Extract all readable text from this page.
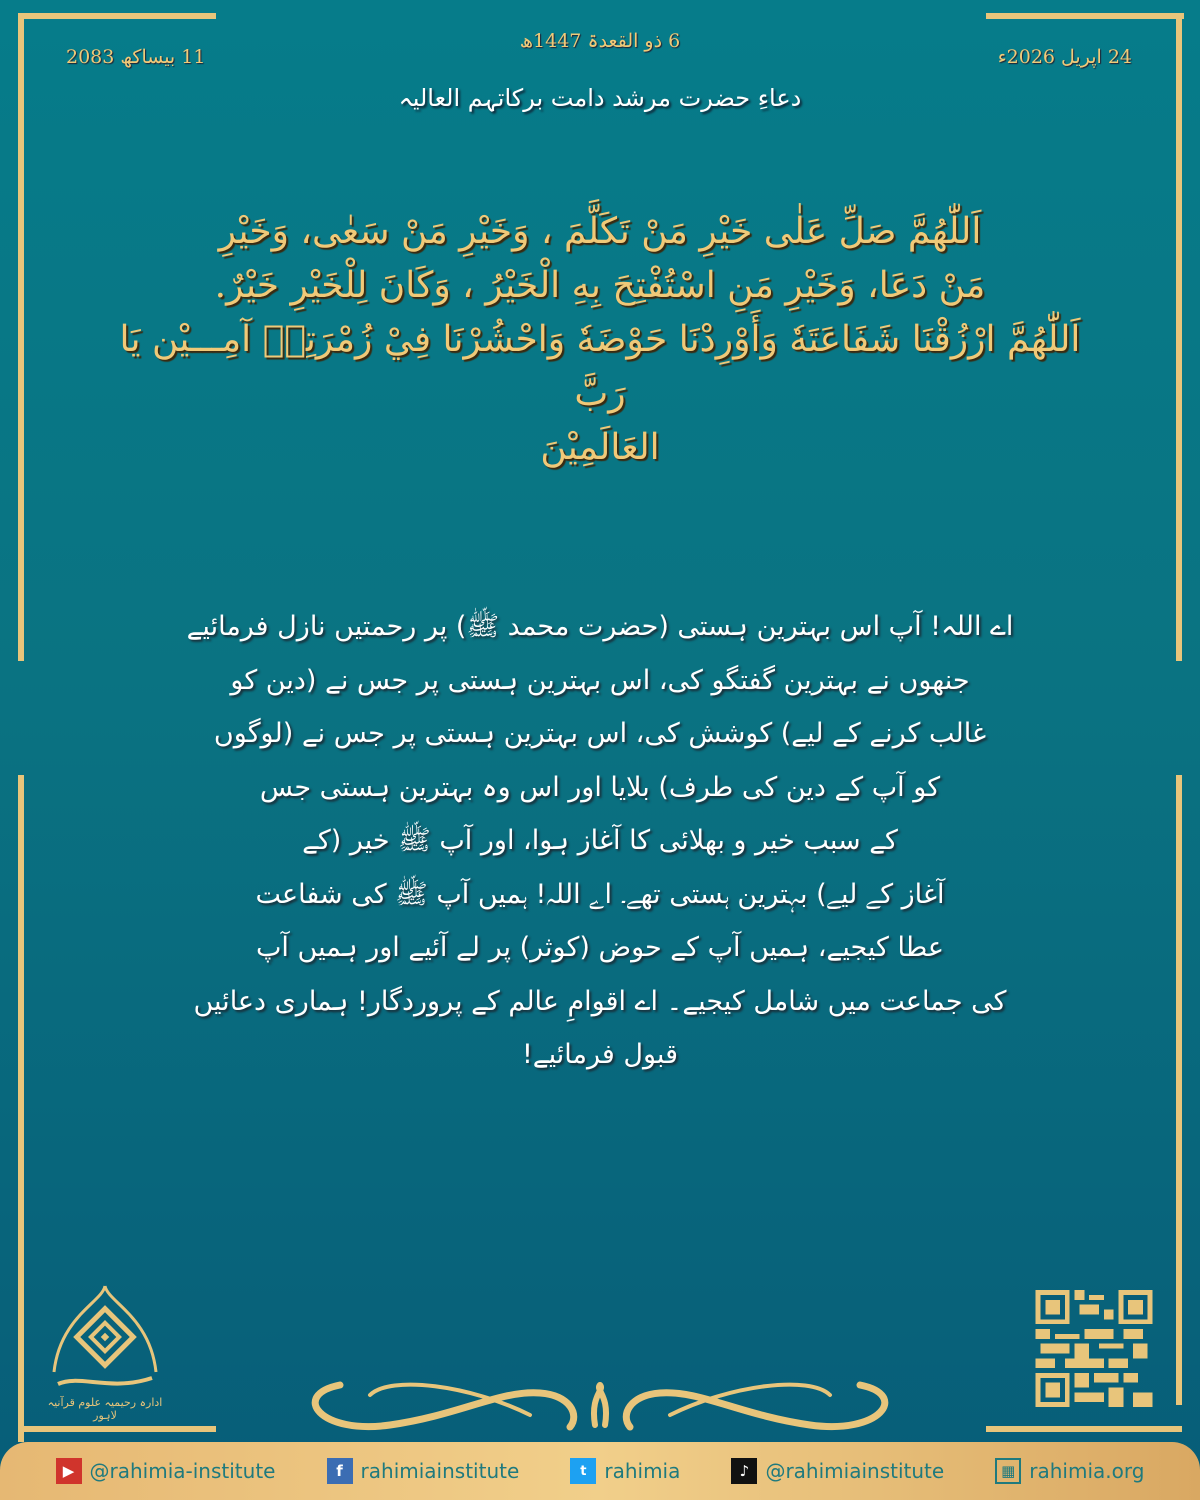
24 اپریل 2026ء
11 بیساکھ 2083
6 ذو القعدۃ 1447ھ
دعاءِ حضرت مرشد دامت برکاتہم العالیہ
اَللّٰهُمَّ صَلِّ عَلٰى خَيْرِ مَنْ تَكَلَّمَ ، وَخَيْرِ مَنْ سَعٰى، وَخَيْرِ
مَنْ دَعَا، وَخَيْرِ مَنِ اسْتُفْتِحَ بِهِ الْخَيْرُ ، وَكَانَ لِلْخَيْرِ خَيْرٌ.
اَللّٰهُمَّ ارْزُقْنَا شَفَاعَتَهٗ وَأَوْرِدْنَا حَوْضَهٗ وَاحْشُرْنَا فِيْ زُمْرَتِهٖ آمِـــيْن يَا رَبَّ
العَالَمِيْنَ
اے اللہ! آپ اس بہترین ہستی (حضرت محمد ﷺ) پر رحمتیں نازل فرمائیے
جنھوں نے بہترین گفتگو کی، اس بہترین ہستی پر جس نے (دین کو
غالب کرنے کے لیے) کوشش کی، اس بہترین ہستی پر جس نے (لوگوں
کو آپ کے دین کی طرف) بلایا اور اس وہ بہترین ہستی جس
کے سبب خیر و بھلائی کا آغاز ہوا، اور آپ ﷺ خیر (کے
آغاز کے لیے) بہترین ہستی تھے۔ اے اللہ! ہمیں آپ ﷺ کی شفاعت
عطا کیجیے، ہمیں آپ کے حوض (کوثر) پر لے آئیے اور ہمیں آپ
کی جماعت میں شامل کیجیے۔ اے اقوامِ عالم کے پروردگار! ہماری دعائیں
قبول فرمائیے!
ادارہ رحیمیہ علوم قرآنیہ لاہور
▶ @rahimia-institute	f rahimiainstitute	t rahimia	♪ @rahimiainstitute	▦ rahimia.org
